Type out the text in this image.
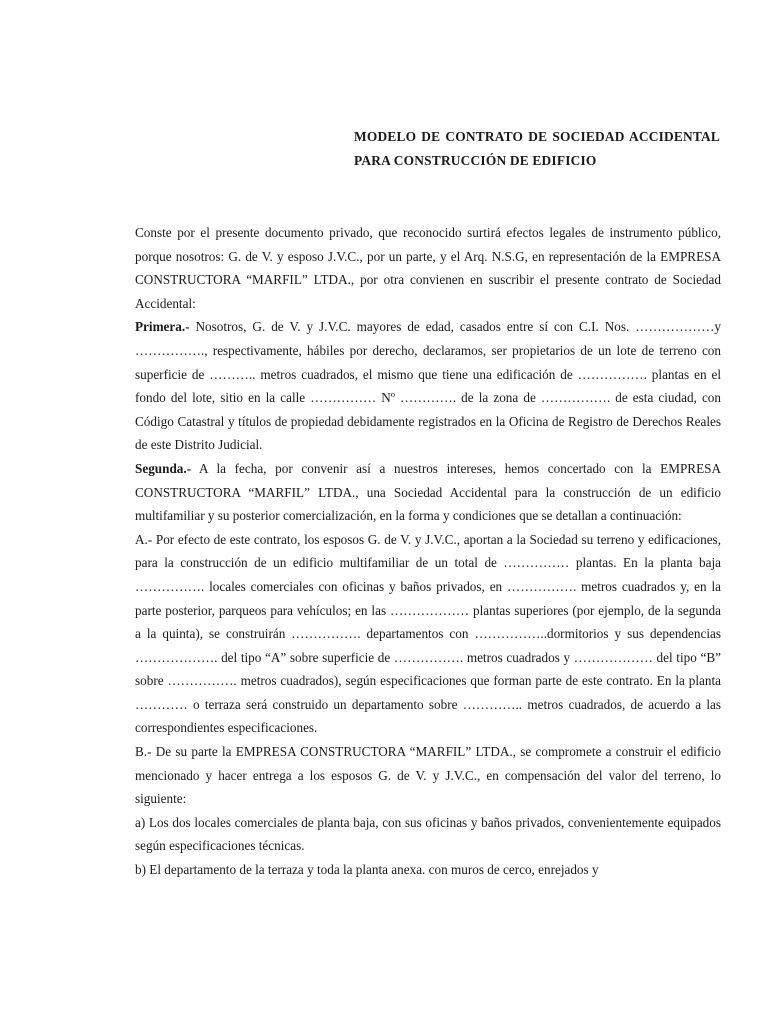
MODELO DE CONTRATO DE SOCIEDAD ACCIDENTAL PARA CONSTRUCCIÓN DE EDIFICIO

Conste por el presente documento privado, que reconocido surtirá efectos legales de instrumento público, porque nosotros: G. de V. y esposo J.V.C., por un parte, y el Arq. N.S.G, en representación de la EMPRESA CONSTRUCTORA “MARFIL” LTDA., por otra convienen en suscribir el presente contrato de Sociedad Accidental:

Primera.- Nosotros, G. de V. y J.V.C. mayores de edad, casados entre sí con C.I. Nos. ………………y ……………., respectivamente, hábiles por derecho, declaramos, ser propietarios de un lote de terreno con superficie de ……….. metros cuadrados, el mismo que tiene una edificación de ……………. plantas en el fondo del lote, sitio en la calle …………… Nº …………. de la zona de ……………. de esta ciudad, con Código Catastral y títulos de propiedad debidamente registrados en la Oficina de Registro de Derechos Reales de este Distrito Judicial.

Segunda.- A la fecha, por convenir así a nuestros intereses, hemos concertado con la EMPRESA CONSTRUCTORA “MARFIL” LTDA., una Sociedad Accidental para la construcción de un edificio multifamiliar y su posterior comercialización, en la forma y condiciones que se detallan a continuación:

A.- Por efecto de este contrato, los esposos G. de V. y J.V.C., aportan a la Sociedad su terreno y edificaciones, para la construcción de un edificio multifamiliar de un total de …………… plantas. En la planta baja ……………. locales comerciales con oficinas y baños privados, en ……………. metros cuadrados y, en la parte posterior, parqueos para vehículos; en las ……………… plantas superiores (por ejemplo, de la segunda a la quinta), se construirán ……………. departamentos con ……………..dormitorios y sus dependencias ………………. del tipo “A” sobre superficie de ……………. metros cuadrados y ……………… del tipo “B” sobre ……………. metros cuadrados), según especificaciones que forman parte de este contrato. En la planta ………… o terraza será construido un departamento sobre ………….. metros cuadrados, de acuerdo a las correspondientes especificaciones.

B.- De su parte la EMPRESA CONSTRUCTORA “MARFIL” LTDA., se compromete a construir el edificio mencionado y hacer entrega a los esposos G. de V. y J.V.C., en compensación del valor del terreno, lo siguiente:

a) Los dos locales comerciales de planta baja, con sus oficinas y baños privados, convenientemente equipados según especificaciones técnicas.

b) El departamento de la terraza y toda la planta anexa. con muros de cerco, enrejados y
